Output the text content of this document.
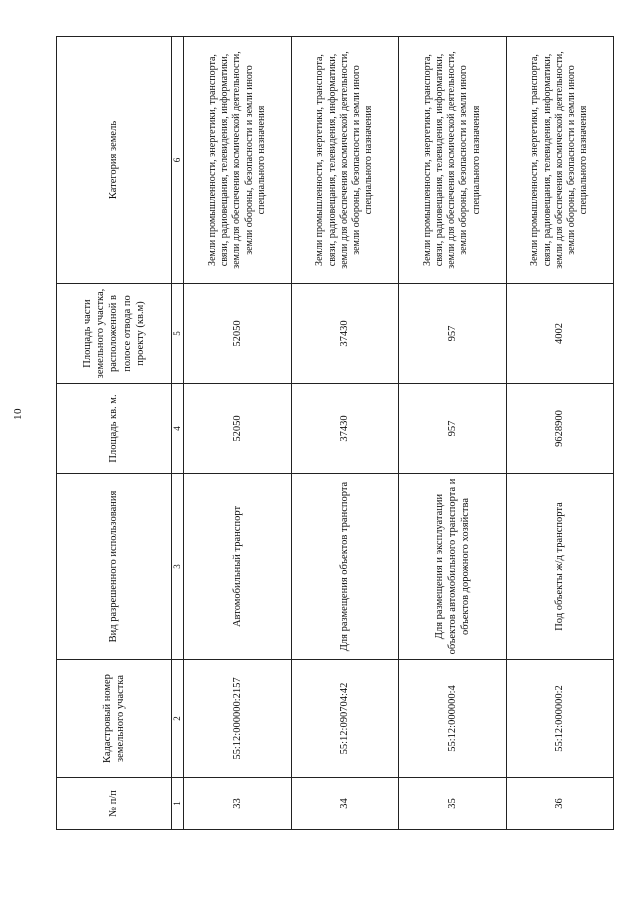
10
№ п/п	Кадастровый номер земельного участка	Вид разрешенного использования	Площадь кв. м.	Площадь части земельного участка, расположенной в полосе отвода по проекту (кв.м)	Категория земель
1	2	3	4	5	6
33	55:12:000000:2157	Автомобильный транспорт	52050	52050	Земли промышленности, энергетики, транспорта, связи, радиовещания, телевидения, информатики, земли для обеспечения космической деятельности, земли обороны, безопасности и земли иного специального назначения
34	55:12:090704:42	Для размещения объектов транспорта	37430	37430	Земли промышленности, энергетики, транспорта, связи, радиовещания, телевидения, информатики, земли для обеспечения космической деятельности, земли обороны, безопасности и земли иного специального назначения
35	55:12:000000:4	Для размещения и эксплуатации объектов автомобильного транспорта и объектов дорожного хозяйства	957	957	Земли промышленности, энергетики, транспорта, связи, радиовещания, телевидения, информатики, земли для обеспечения космической деятельности, земли обороны, безопасности и земли иного специального назначения
36	55:12:000000:2	Под объекты ж/д транспорта	9628900	4002	Земли промышленности, энергетики, транспорта, связи, радиовещания, телевидения, информатики, земли для обеспечения космической деятельности, земли обороны, безопасности и земли иного специального назначения
